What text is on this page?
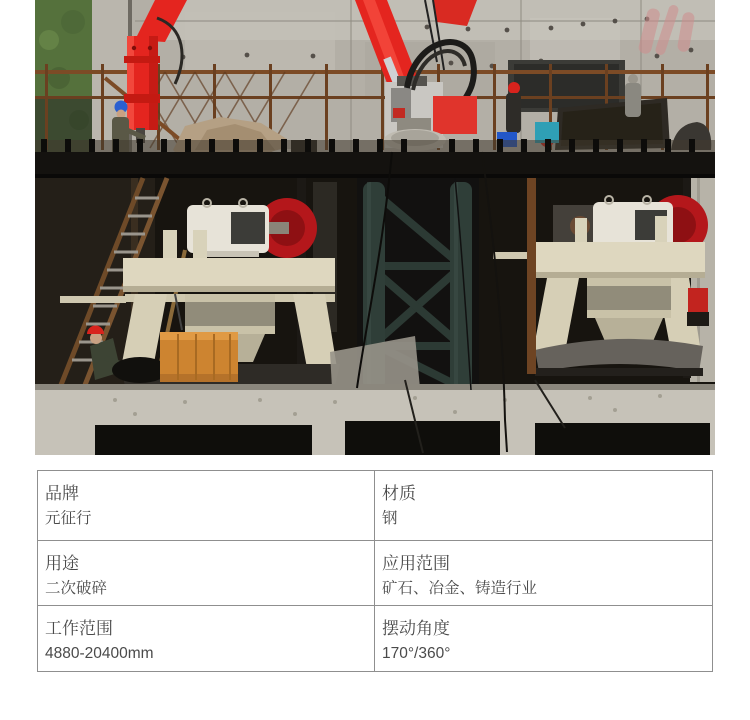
品牌
元征行
材质
钢
用途
二次破碎
应用范围
矿石、冶金、铸造行业
工作范围
4880-20400mm
摆动角度
170°/360°
